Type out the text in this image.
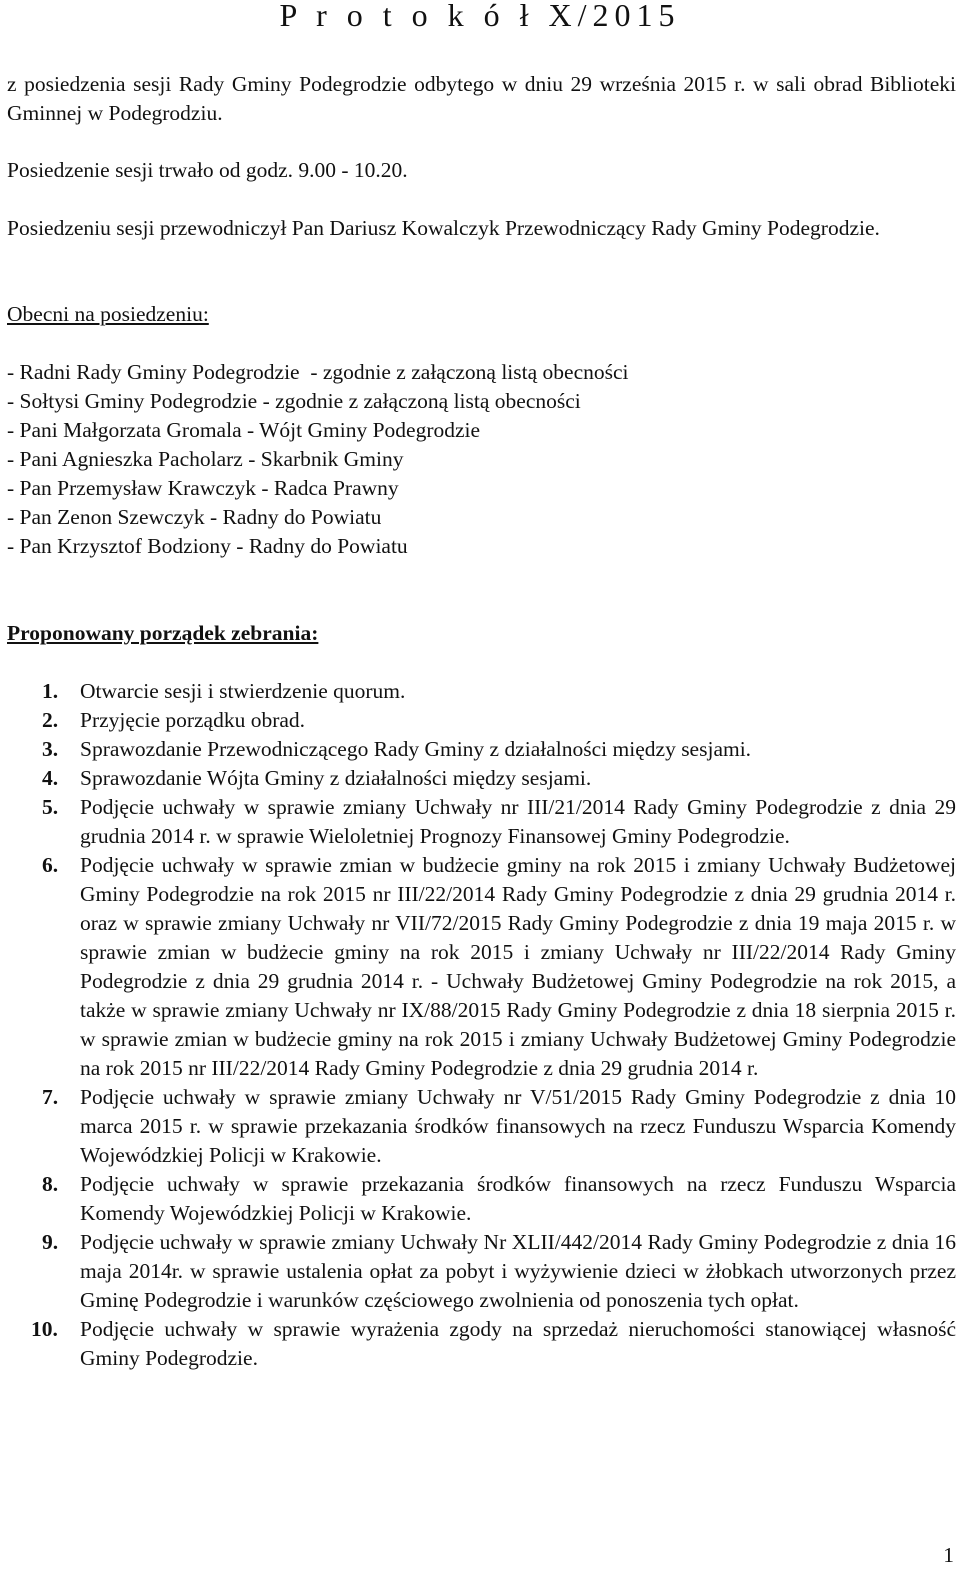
P r o t o k ó ł X/2015

z posiedzenia sesji Rady Gminy Podegrodzie odbytego w dniu 29 września 2015 r. w sali obrad Biblioteki Gminnej w Podegrodziu.

Posiedzenie sesji trwało od godz. 9.00 - 10.20.

Posiedzeniu sesji przewodniczył Pan Dariusz Kowalczyk Przewodniczący Rady Gminy Podegrodzie.

Obecni na posiedzeniu:
- Radni Rady Gminy Podegrodzie  - zgodnie z załączoną listą obecności
- Sołtysi Gminy Podegrodzie - zgodnie z załączoną listą obecności
- Pani Małgorzata Gromala - Wójt Gminy Podegrodzie
- Pani Agnieszka Pacholarz - Skarbnik Gminy
- Pan Przemysław Krawczyk - Radca Prawny
- Pan Zenon Szewczyk - Radny do Powiatu
- Pan Krzysztof Bodziony - Radny do Powiatu
Proponowany porządek zebrania:
1.	Otwarcie sesji i stwierdzenie quorum.
2.	Przyjęcie porządku obrad.
3.	Sprawozdanie Przewodniczącego Rady Gminy z działalności między sesjami.
4.	Sprawozdanie Wójta Gminy z działalności między sesjami.
5.	Podjęcie uchwały w sprawie zmiany Uchwały nr III/21/2014 Rady Gminy Podegrodzie z dnia 29 grudnia 2014 r. w sprawie Wieloletniej Prognozy Finansowej Gminy Podegrodzie.
6.	Podjęcie uchwały w sprawie zmian w budżecie gminy na rok 2015 i zmiany Uchwały Budżetowej Gminy Podegrodzie na rok 2015 nr III/22/2014 Rady Gminy Podegrodzie z dnia 29 grudnia 2014 r. oraz w sprawie zmiany Uchwały nr VII/72/2015 Rady Gminy Podegrodzie z dnia 19 maja 2015 r. w sprawie zmian w budżecie gminy na rok 2015 i zmiany Uchwały nr III/22/2014 Rady Gminy Podegrodzie z dnia 29 grudnia 2014 r. - Uchwały Budżetowej Gminy Podegrodzie na rok 2015, a także w sprawie zmiany Uchwały nr IX/88/2015 Rady Gminy Podegrodzie z dnia 18 sierpnia 2015 r. w sprawie zmian w budżecie gminy na rok 2015 i zmiany Uchwały Budżetowej Gminy Podegrodzie na rok 2015 nr III/22/2014 Rady Gminy Podegrodzie z dnia 29 grudnia 2014 r.
7.	Podjęcie uchwały w sprawie zmiany Uchwały nr V/51/2015 Rady Gminy Podegrodzie z dnia 10 marca 2015 r. w sprawie przekazania środków finansowych na rzecz Funduszu Wsparcia Komendy Wojewódzkiej Policji w Krakowie.
8.	Podjęcie uchwały w sprawie przekazania środków finansowych na rzecz Funduszu Wsparcia Komendy Wojewódzkiej Policji w Krakowie.
9.	Podjęcie uchwały w sprawie zmiany Uchwały Nr XLII/442/2014 Rady Gminy Podegrodzie z dnia 16 maja 2014r. w sprawie ustalenia opłat za pobyt i wyżywienie dzieci w żłobkach utworzonych przez Gminę Podegrodzie i warunków częściowego zwolnienia od ponoszenia tych opłat.
10.	Podjęcie uchwały w sprawie wyrażenia zgody na sprzedaż nieruchomości stanowiącej własność Gminy Podegrodzie.
1
